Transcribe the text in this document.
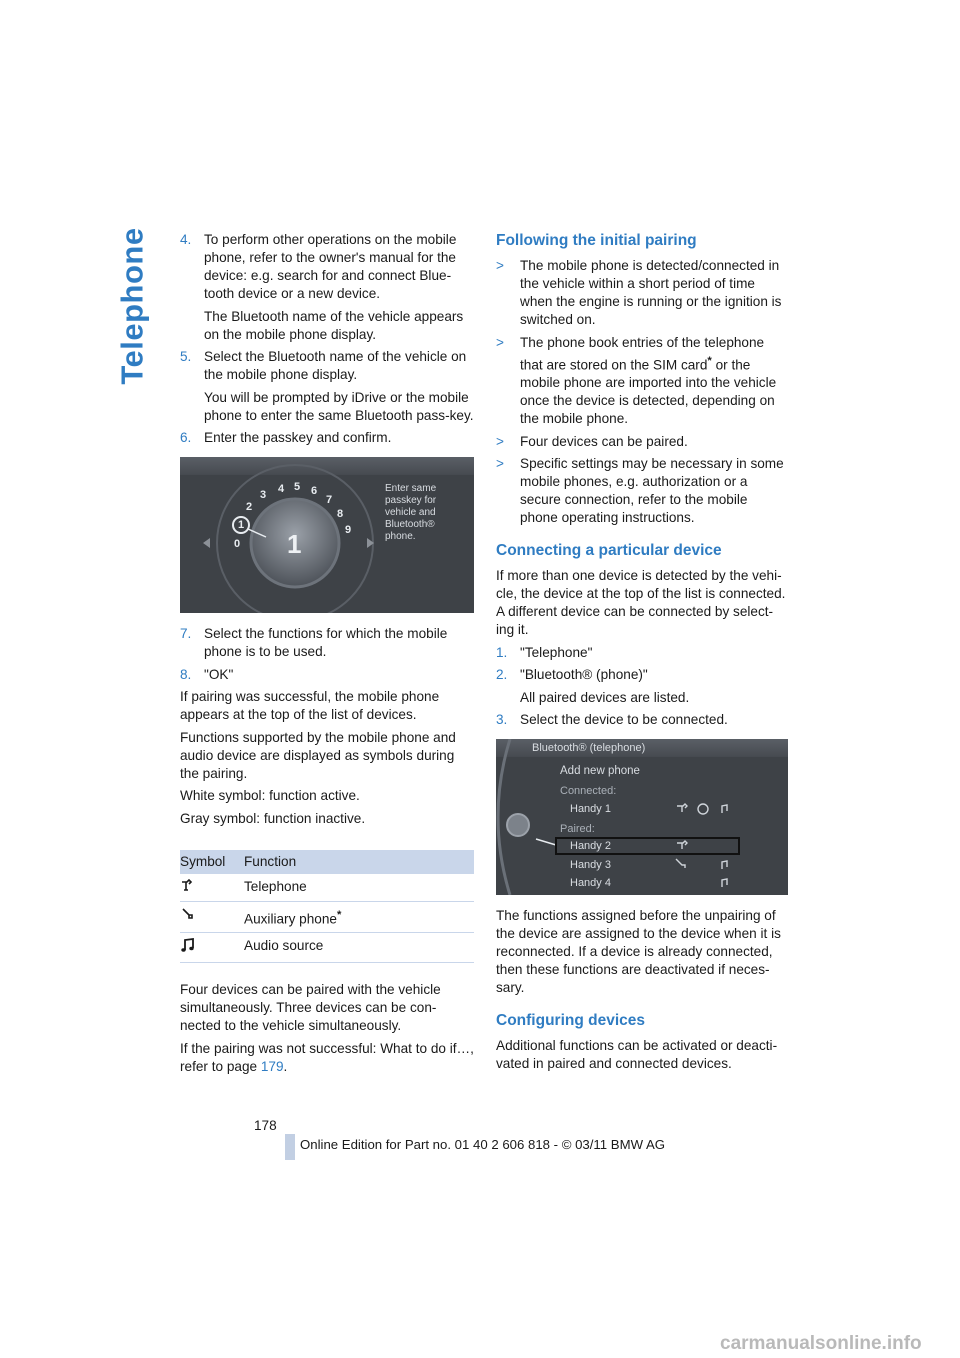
Telephone 4. To perform other operations on the mobile phone, refer to the owner's manual for the device: e.g. search for and connect Blue-tooth device or a new device.

The Bluetooth name of the vehicle appears on the mobile phone display.

5. Select the Bluetooth name of the vehicle on the mobile phone display.

You will be prompted by iDrive or the mobile phone to enter the same Bluetooth pass-key.

6. Enter the passkey and confirm.
0
1
2
3 4 5 6
7
8
9
1
Enter same
passkey for
vehicle and
Bluetooth®
phone.
7. Select the functions for which the mobile phone is to be used.
8. "OK"

If pairing was successful, the mobile phone appears at the top of the list of devices.

Functions supported by the mobile phone and audio device are displayed as symbols during the pairing.

White symbol: function active.

Gray symbol: function inactive.

Symbol	Function
	Telephone
	Auxiliary phone*
	Audio source

Four devices can be paired with the vehicle simultaneously. Three devices can be con-nected to the vehicle simultaneously.

If the pairing was not successful: What to do if…, refer to page 179.

Following the initial pairing
>	The mobile phone is detected/connected in the vehicle within a short period of time when the engine is running or the ignition is switched on.
>	The phone book entries of the telephone that are stored on the SIM card* or the mobile phone are imported into the vehicle once the device is detected, depending on the mobile phone.
>	Four devices can be paired.
>	Specific settings may be necessary in some mobile phones, e.g. authorization or a secure connection, refer to the mobile phone operating instructions.
Connecting a particular device

If more than one device is detected by the vehi-cle, the device at the top of the list is connected. A different device can be connected by select-ing it.

1. "Telephone"
2. "Bluetooth® (phone)"

All paired devices are listed.

3. Select the device to be connected.
Bluetooth® (telephone)
Add new phone
Connected:
Handy 1
Paired:
Handy 2
Handy 3
Handy 4

The functions assigned before the unpairing of the device are assigned to the device when it is reconnected. If a device is already connected, then these functions are deactivated if neces-sary.

Configuring devices

Additional functions can be activated or deacti-vated in paired and connected devices.

178
Online Edition for Part no. 01 40 2 606 818 - © 03/11 BMW AG
carmanualsonline.info
